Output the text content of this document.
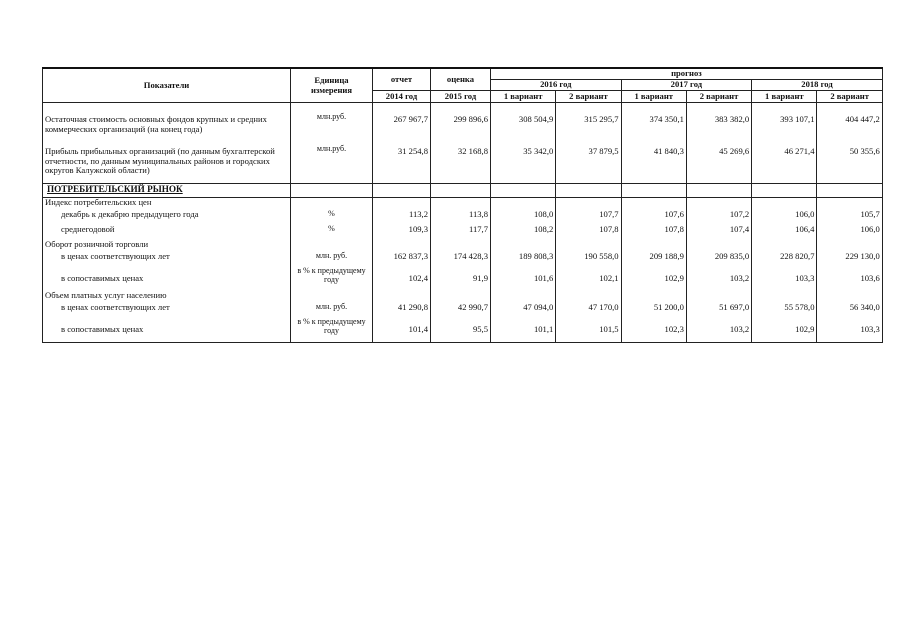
Показатели	Единица измерения	отчет	оценка	прогноз					
				2016 год		2017 год		2018 год	
		2014 год	2015 год	1 вариант	2 вариант	1 вариант	2 вариант	1 вариант	2 вариант

Остаточная стоимость основных фондов крупных и средних коммерческих организаций (на конец года)	млн.руб.	267 967,7	299 896,6	308 504,9	315 295,7	374 350,1	383 382,0	393 107,1	404 447,2
Прибыль прибыльных организаций (по данным бухгалтерской отчетности, по данным муниципальных районов и городских округов Калужской области)	млн.руб.	31 254,8	32 168,8	35 342,0	37 879,5	41 840,3	45 269,6	46 271,4	50 355,6
ПОТРЕБИТЕЛЬСКИЙ РЫНОК									
Индекс потребительских цен									
декабрь к декабрю предыдущего года	%	113,2	113,8	108,0	107,7	107,6	107,2	106,0	105,7
среднегодовой	%	109,3	117,7	108,2	107,8	107,8	107,4	106,4	106,0
Оборот розничной торговли									
в ценах соответствующих лет	млн. руб.	162 837,3	174 428,3	189 808,3	190 558,0	209 188,9	209 835,0	228 820,7	229 130,0
в сопоставимых ценах	в % к предыдущему году	102,4	91,9	101,6	102,1	102,9	103,2	103,3	103,6
Объем платных услуг населению									
в ценах соответствующих лет	млн. руб.	41 290,8	42 990,7	47 094,0	47 170,0	51 200,0	51 697,0	55 578,0	56 340,0
в сопоставимых ценах	в % к предыдущему году	101,4	95,5	101,1	101,5	102,3	103,2	102,9	103,3
